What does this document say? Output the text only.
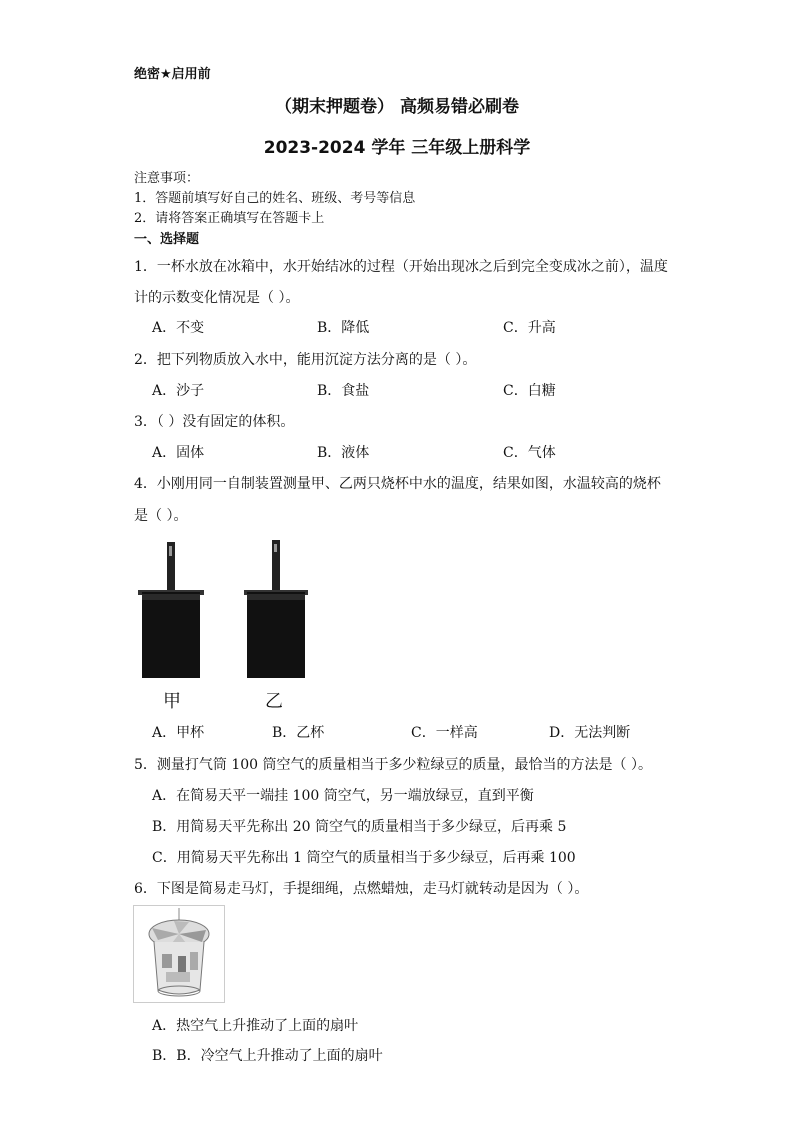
绝密★启用前
（期末押题卷） 高频易错必刷卷
2023-2024 学年 三年级上册科学
注意事项：
1．答题前填写好自己的姓名、班级、考号等信息
2．请将答案正确填写在答题卡上
一、选择题
1．一杯水放在冰箱中，水开始结冰的过程（开始出现冰之后到完全变成冰之前），温度
计的示数变化情况是（ ）。
A．不变	B．降低	C．升高
2．把下列物质放入水中，能用沉淀方法分离的是（ ）。
A．沙子	B．食盐	C．白糖
3．（ ）没有固定的体积。
A．固体	B．液体	C．气体
4．小刚用同一自制装置测量甲、乙两只烧杯中水的温度，结果如图，水温较高的烧杯
是（ ）。
甲	乙
A．甲杯	B．乙杯	C．一样高	D．无法判断
5．测量打气筒 100 筒空气的质量相当于多少粒绿豆的质量，最恰当的方法是（ ）。
A．在简易天平一端挂 100 筒空气，另一端放绿豆，直到平衡
B．用简易天平先称出 20 筒空气的质量相当于多少绿豆，后再乘 5
C．用简易天平先称出 1 筒空气的质量相当于多少绿豆，后再乘 100
6．下图是简易走马灯，手提细绳，点燃蜡烛，走马灯就转动是因为（ ）。
A．热空气上升推动了上面的扇叶
B．B．冷空气上升推动了上面的扇叶
